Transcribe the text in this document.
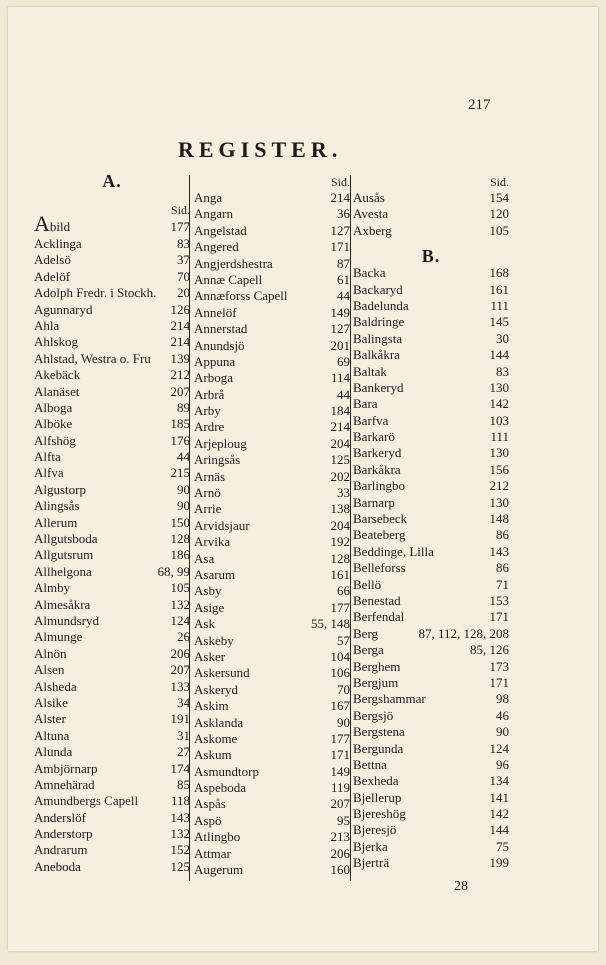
217
REGISTER.
A.
Sid.
Abild	177
Acklinga	83
Adelsö	37
Adelöf	70
Adolph Fredr. i Stockh. 20
Agunnaryd	126
Ahla	214
Ahlskog	214
Ahlstad, Westra o. Fru 139
Akebäck	212
Alanäset	207
Alboga	89
Alböke	185
Alfshög	176
Alfta	44
Alfva	215
Algustorp	90
Alingsås	90
Allerum	150
Allgutsboda	128
Allgutsrum	186
Allhelgona	68, 99
Almby	105
Almesåkra	132
Almundsryd	124
Almunge	26
Alnön	206
Alsen	207
Alsheda	133
Alsike	34
Alster	191
Altuna	31
Alunda	27
Ambjörnarp	174
Amnehärad	85
Amundbergs Capell	118
Anderslöf	143
Anderstorp	132
Andrarum	152
Aneboda	125
Sid.
Anga	214
Angarn	36
Angelstad	127
Angered	171
Angjerdshestra	87
Annæ Capell	61
Annæforss Capell	44
Annelöf	149
Annerstad	127
Anundsjö	201
Appuna	69
Arboga	114
Arbrå	44
Arby	184
Ardre	214
Arjeploug	204
Aringsås	125
Arnäs	202
Arnö	33
Arrie	138
Arvidsjaur	204
Arvika	192
Asa	128
Asarum	161
Asby	66
Asige	177
Ask	55, 148
Askeby	57
Asker	104
Askersund	106
Askeryd	70
Askim	167
Asklanda	90
Askome	177
Askum	171
Asmundtorp	149
Aspeboda	119
Aspås	207
Aspö	95
Atlingbo	213
Attmar	206
Augerum	160
Sid.
Ausås	154
Avesta	120
Axberg	105
B.
Backa	168
Backaryd	161
Badelunda	111
Baldringe	145
Balingsta	30
Balkåkra	144
Baltak	83
Bankeryd	130
Bara	142
Barfva	103
Barkarö	111
Barkeryd	130
Barkåkra	156
Barlingbo	212
Barnarp	130
Barsebeck	148
Beateberg	86
Beddinge, Lilla	143
Belleforss	86
Bellö	71
Benestad	153
Berfendal	171
Berg	87, 112, 128, 208
Berga	85, 126
Berghem	173
Bergjum	171
Bergshammar	98
Bergsjö	46
Bergstena	90
Bergunda	124
Bettna	96
Bexheda	134
Bjellerup	141
Bjereshög	142
Bjeresjö	144
Bjerka	75
Bjerträ	199
28
